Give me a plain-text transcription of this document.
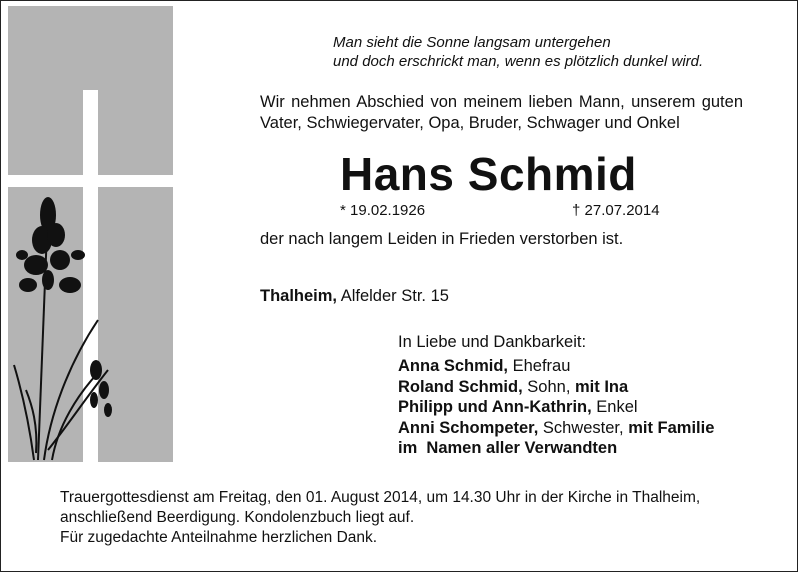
Man sieht die Sonne langsam untergehen
und doch erschrickt man, wenn es plötzlich dunkel wird.
Wir nehmen Abschied von meinem lieben Mann, unserem guten Vater, Schwiegervater, Opa, Bruder, Schwager und Onkel
Hans Schmid
* 19.02.1926	† 27.07.2014
der nach langem Leiden in Frieden verstorben ist.
Thalheim, Alfelder Str. 15
In Liebe und Dankbarkeit:
Anna Schmid, Ehefrau
Roland Schmid, Sohn, mit Ina
Philipp und Ann-Kathrin, Enkel
Anni Schompeter, Schwester, mit Familie
im  Namen aller Verwandten
Trauergottesdienst am Freitag, den 01. August 2014, um 14.30 Uhr in der Kirche in Thalheim,
anschließend Beerdigung. Kondolenzbuch liegt auf.
Für zugedachte Anteilnahme herzlichen Dank.
